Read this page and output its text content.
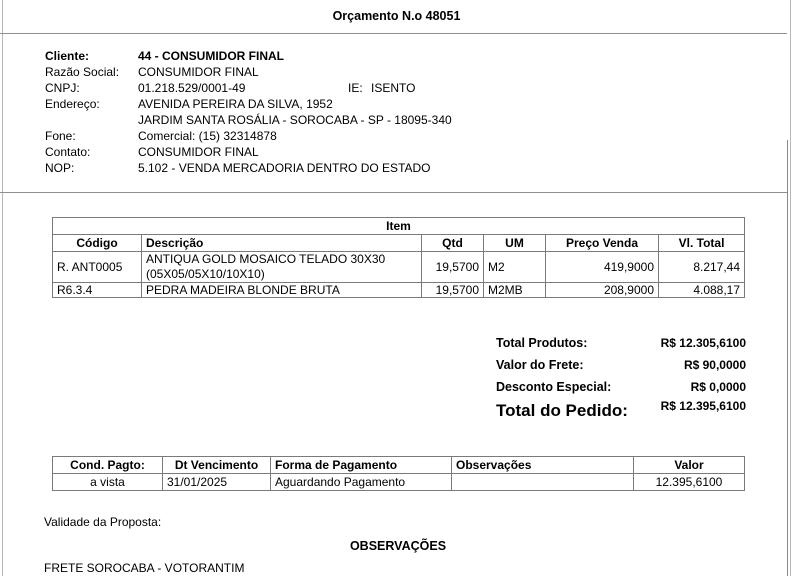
Orçamento N.o 48051
Cliente:	44 - CONSUMIDOR FINAL
Razão Social: CONSUMIDOR FINAL
CNPJ:	01.218.529/0001-49	IE: ISENTO
Endereço:	AVENIDA PEREIRA DA SILVA, 1952
JARDIM SANTA ROSÁLIA - SOROCABA - SP - 18095-340
Fone:	Comercial: (15) 32314878
Contato:	CONSUMIDOR FINAL
NOP:	5.102 - VENDA MERCADORIA DENTRO DO ESTADO
Item					
Código	Descrição	Qtd	UM	Preço Venda	Vl. Total
R. ANT0005	ANTIQUA GOLD MOSAICO TELADO 30X30 (05X05/05X10/10X10)	19,5700	M2	419,9000	8.217,44
R6.3.4	PEDRA MADEIRA BLONDE BRUTA	19,5700	M2MB	208,9000	4.088,17
Total Produtos:	R$ 12.305,6100
Valor do Frete:	R$ 90,0000
Desconto Especial:	R$ 0,0000
Total do Pedido:	R$ 12.395,6100
Cond. Pagto:	Dt Vencimento	Forma de Pagamento	Observações	Valor
a vista	31/01/2025	Aguardando Pagamento		12.395,6100
Validade da Proposta:
OBSERVAÇÕES
FRETE SOROCABA - VOTORANTIM
